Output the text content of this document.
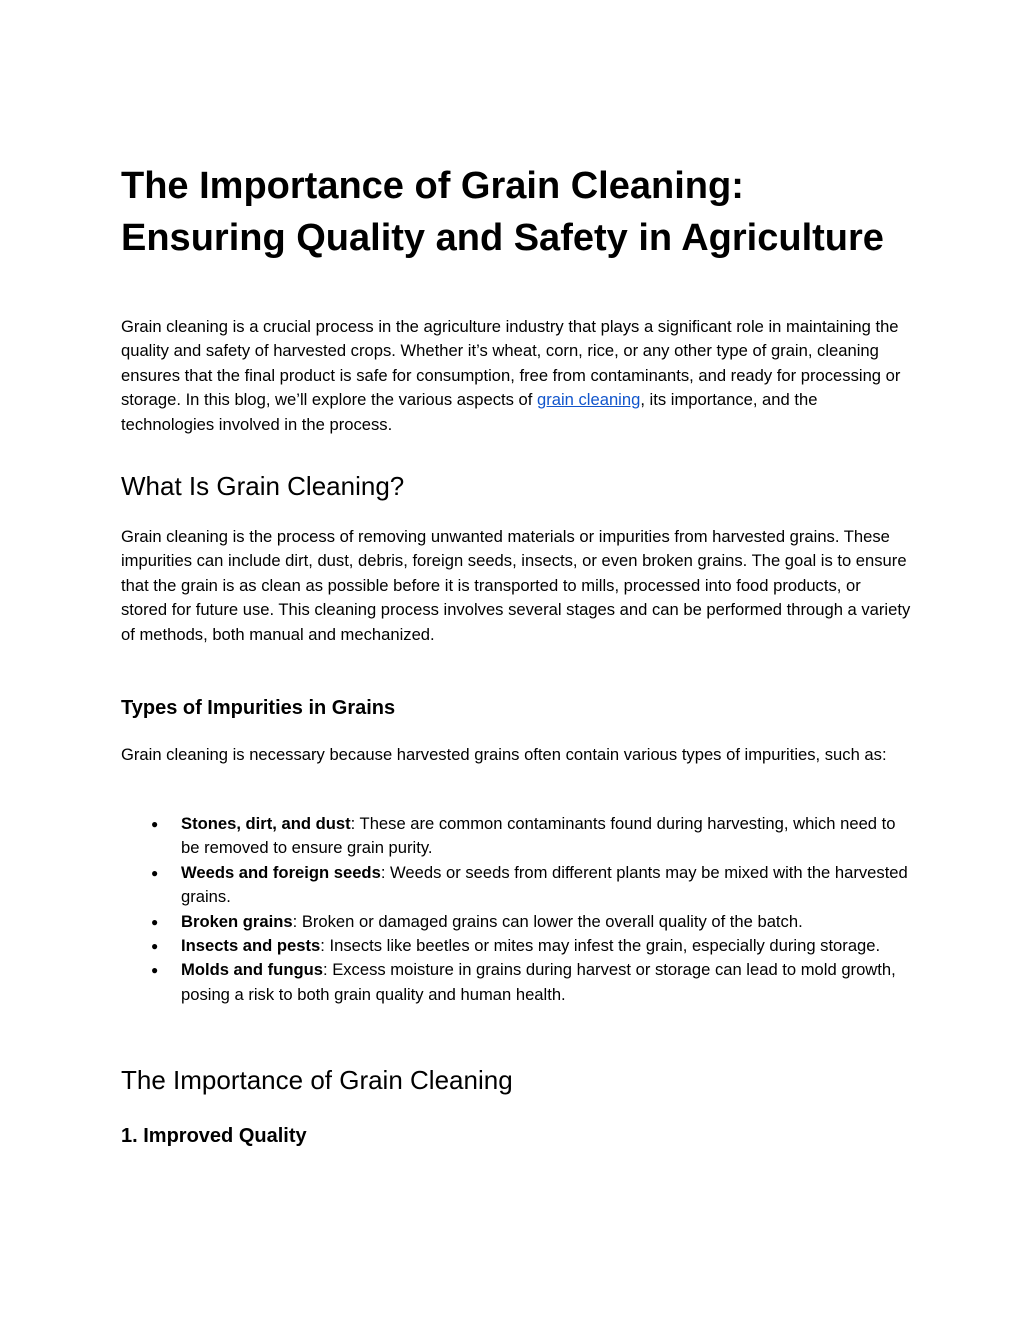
The Importance of Grain Cleaning: Ensuring Quality and Safety in Agriculture

Grain cleaning is a crucial process in the agriculture industry that plays a significant role in maintaining the quality and safety of harvested crops. Whether it’s wheat, corn, rice, or any other type of grain, cleaning ensures that the final product is safe for consumption, free from contaminants, and ready for processing or storage. In this blog, we’ll explore the various aspects of grain cleaning, its importance, and the technologies involved in the process.

What Is Grain Cleaning?

Grain cleaning is the process of removing unwanted materials or impurities from harvested grains. These impurities can include dirt, dust, debris, foreign seeds, insects, or even broken grains. The goal is to ensure that the grain is as clean as possible before it is transported to mills, processed into food products, or stored for future use. This cleaning process involves several stages and can be performed through a variety of methods, both manual and mechanized.

Types of Impurities in Grains

Grain cleaning is necessary because harvested grains often contain various types of impurities, such as:

● Stones, dirt, and dust: These are common contaminants found during harvesting, which need to be removed to ensure grain purity.
● Weeds and foreign seeds: Weeds or seeds from different plants may be mixed with the harvested grains.
● Broken grains: Broken or damaged grains can lower the overall quality of the batch.
● Insects and pests: Insects like beetles or mites may infest the grain, especially during storage.
● Molds and fungus: Excess moisture in grains during harvest or storage can lead to mold growth, posing a risk to both grain quality and human health.
The Importance of Grain Cleaning
1. Improved Quality
